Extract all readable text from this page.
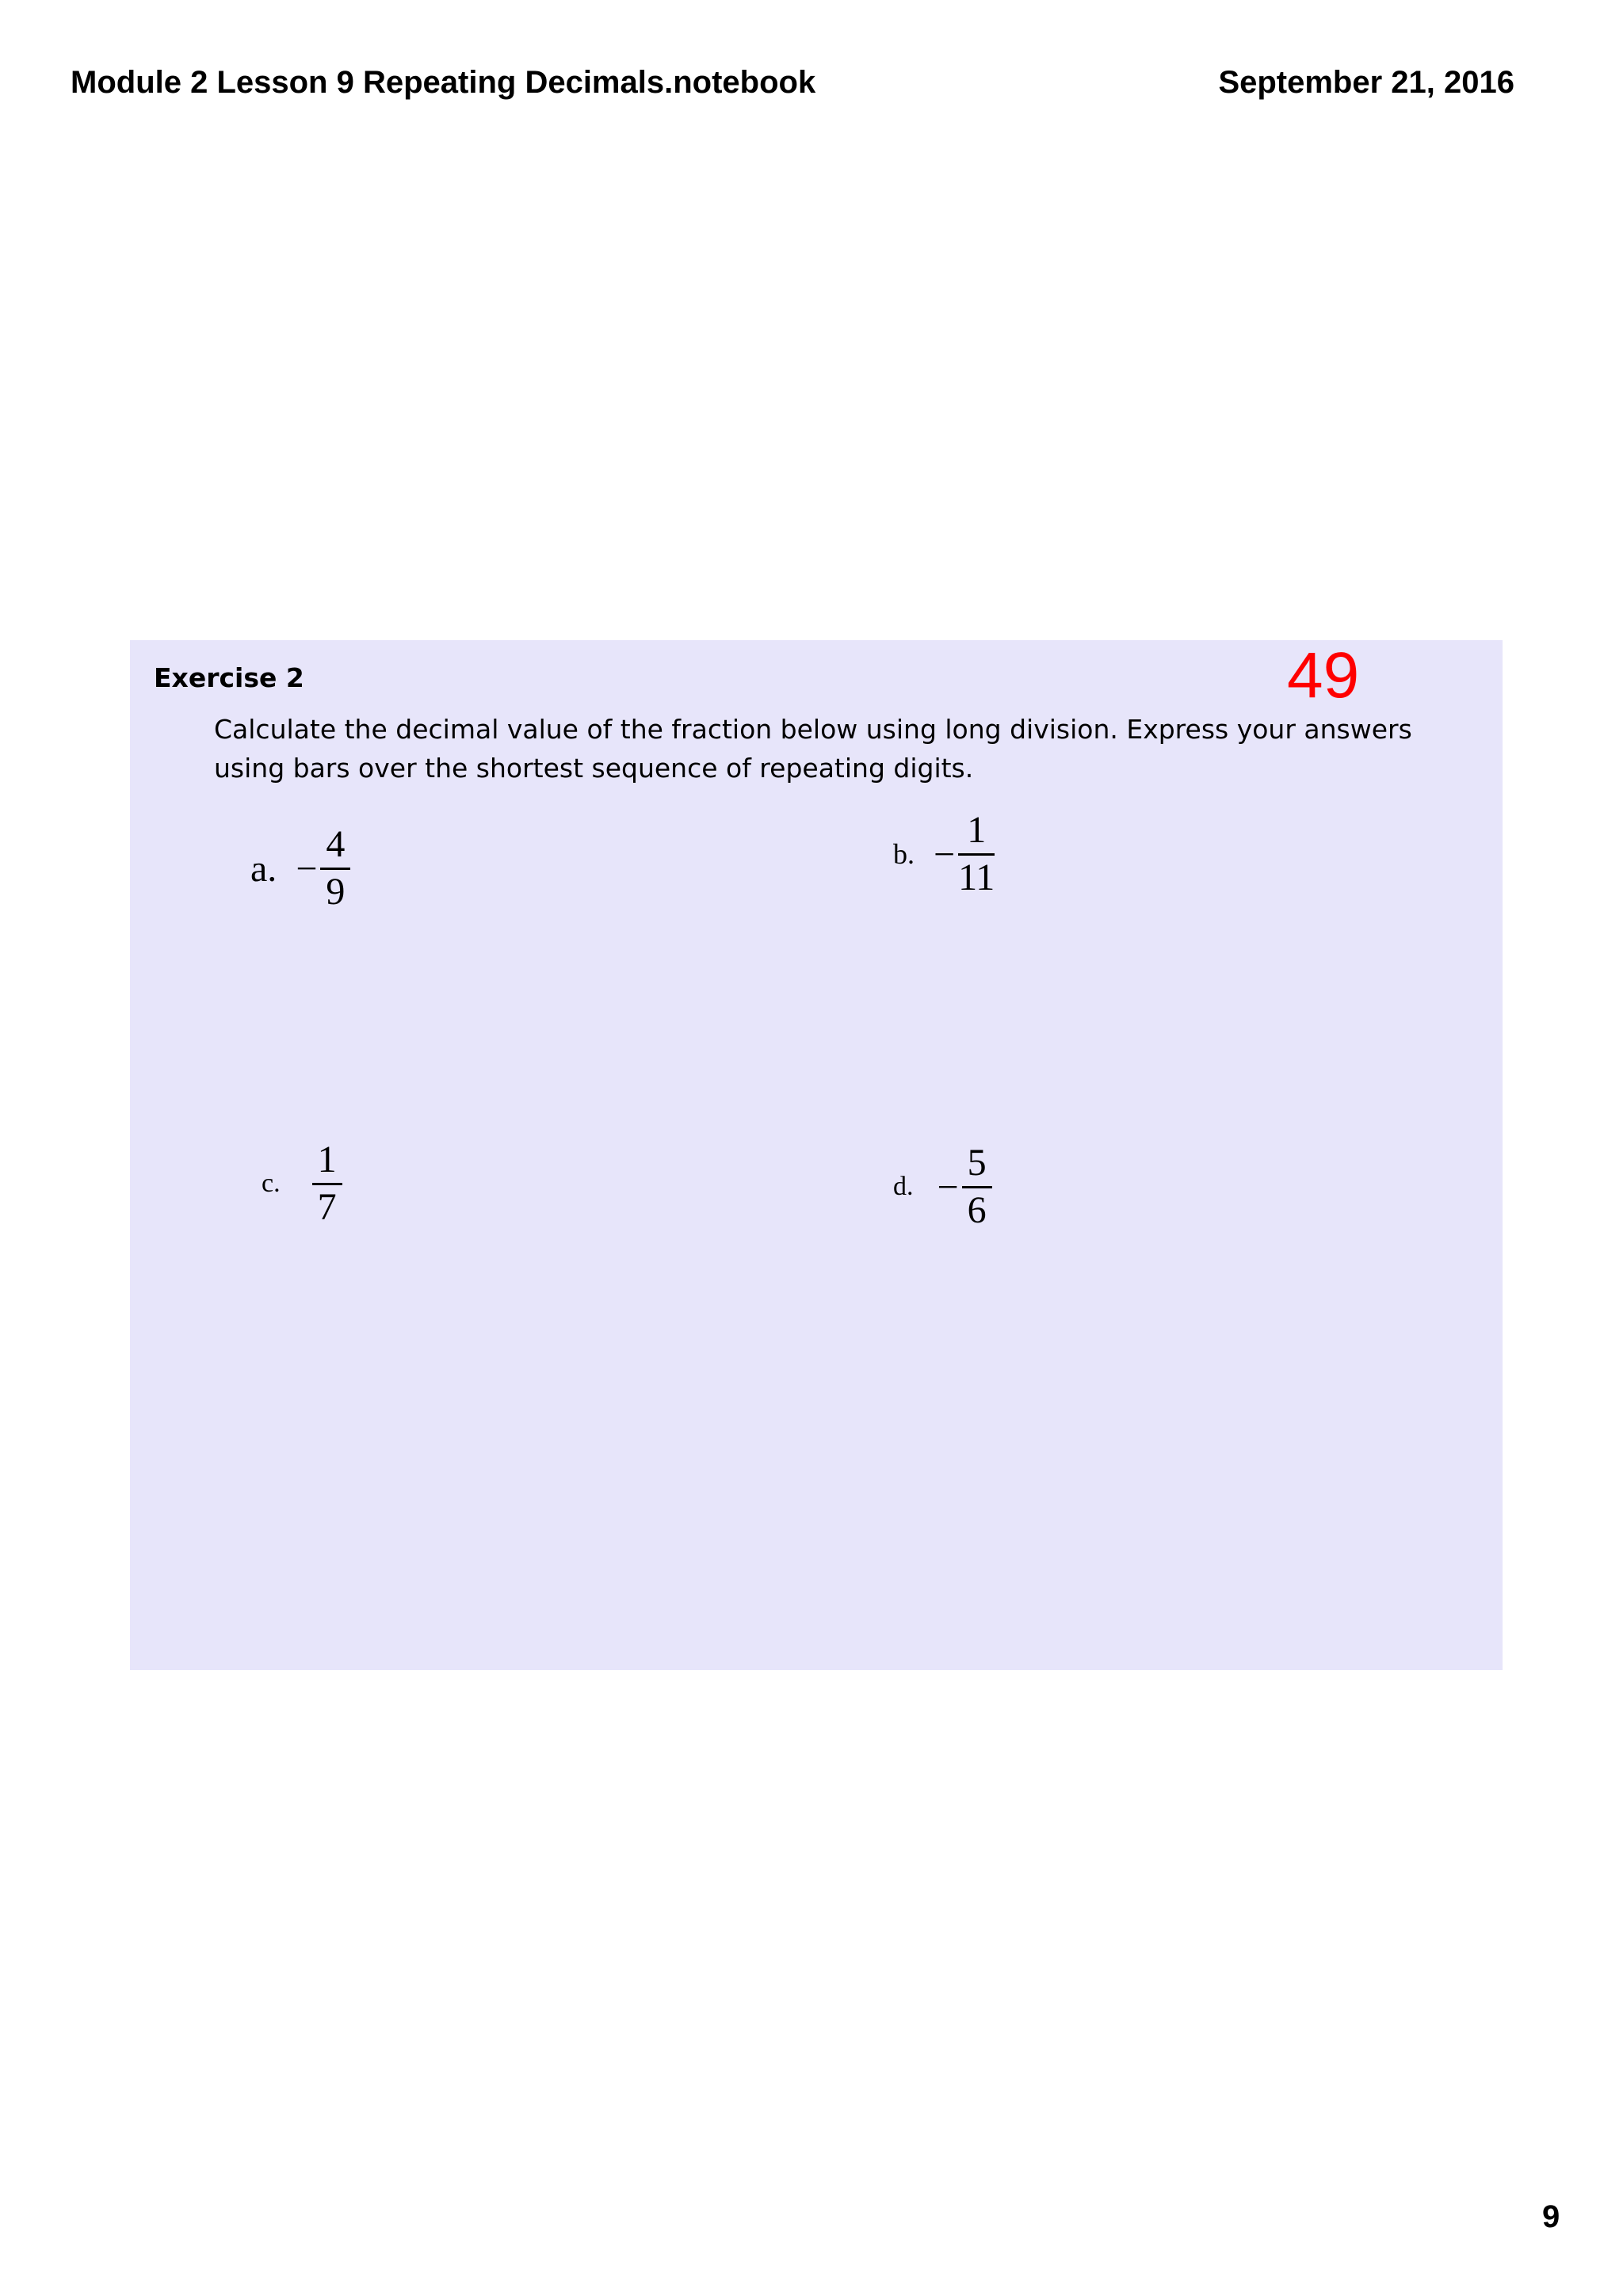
Module 2 Lesson 9 Repeating Decimals.notebook	September 21, 2016
Exercise 2	49
Calculate the decimal value of the fraction below using long division. Express your answers using bars over the shortest sequence of repeating digits.
a. − $\frac{4}{9}$	b. − $\frac{1}{11}$
c. $\frac{1}{7}$	d. − $\frac{5}{6}$
9
